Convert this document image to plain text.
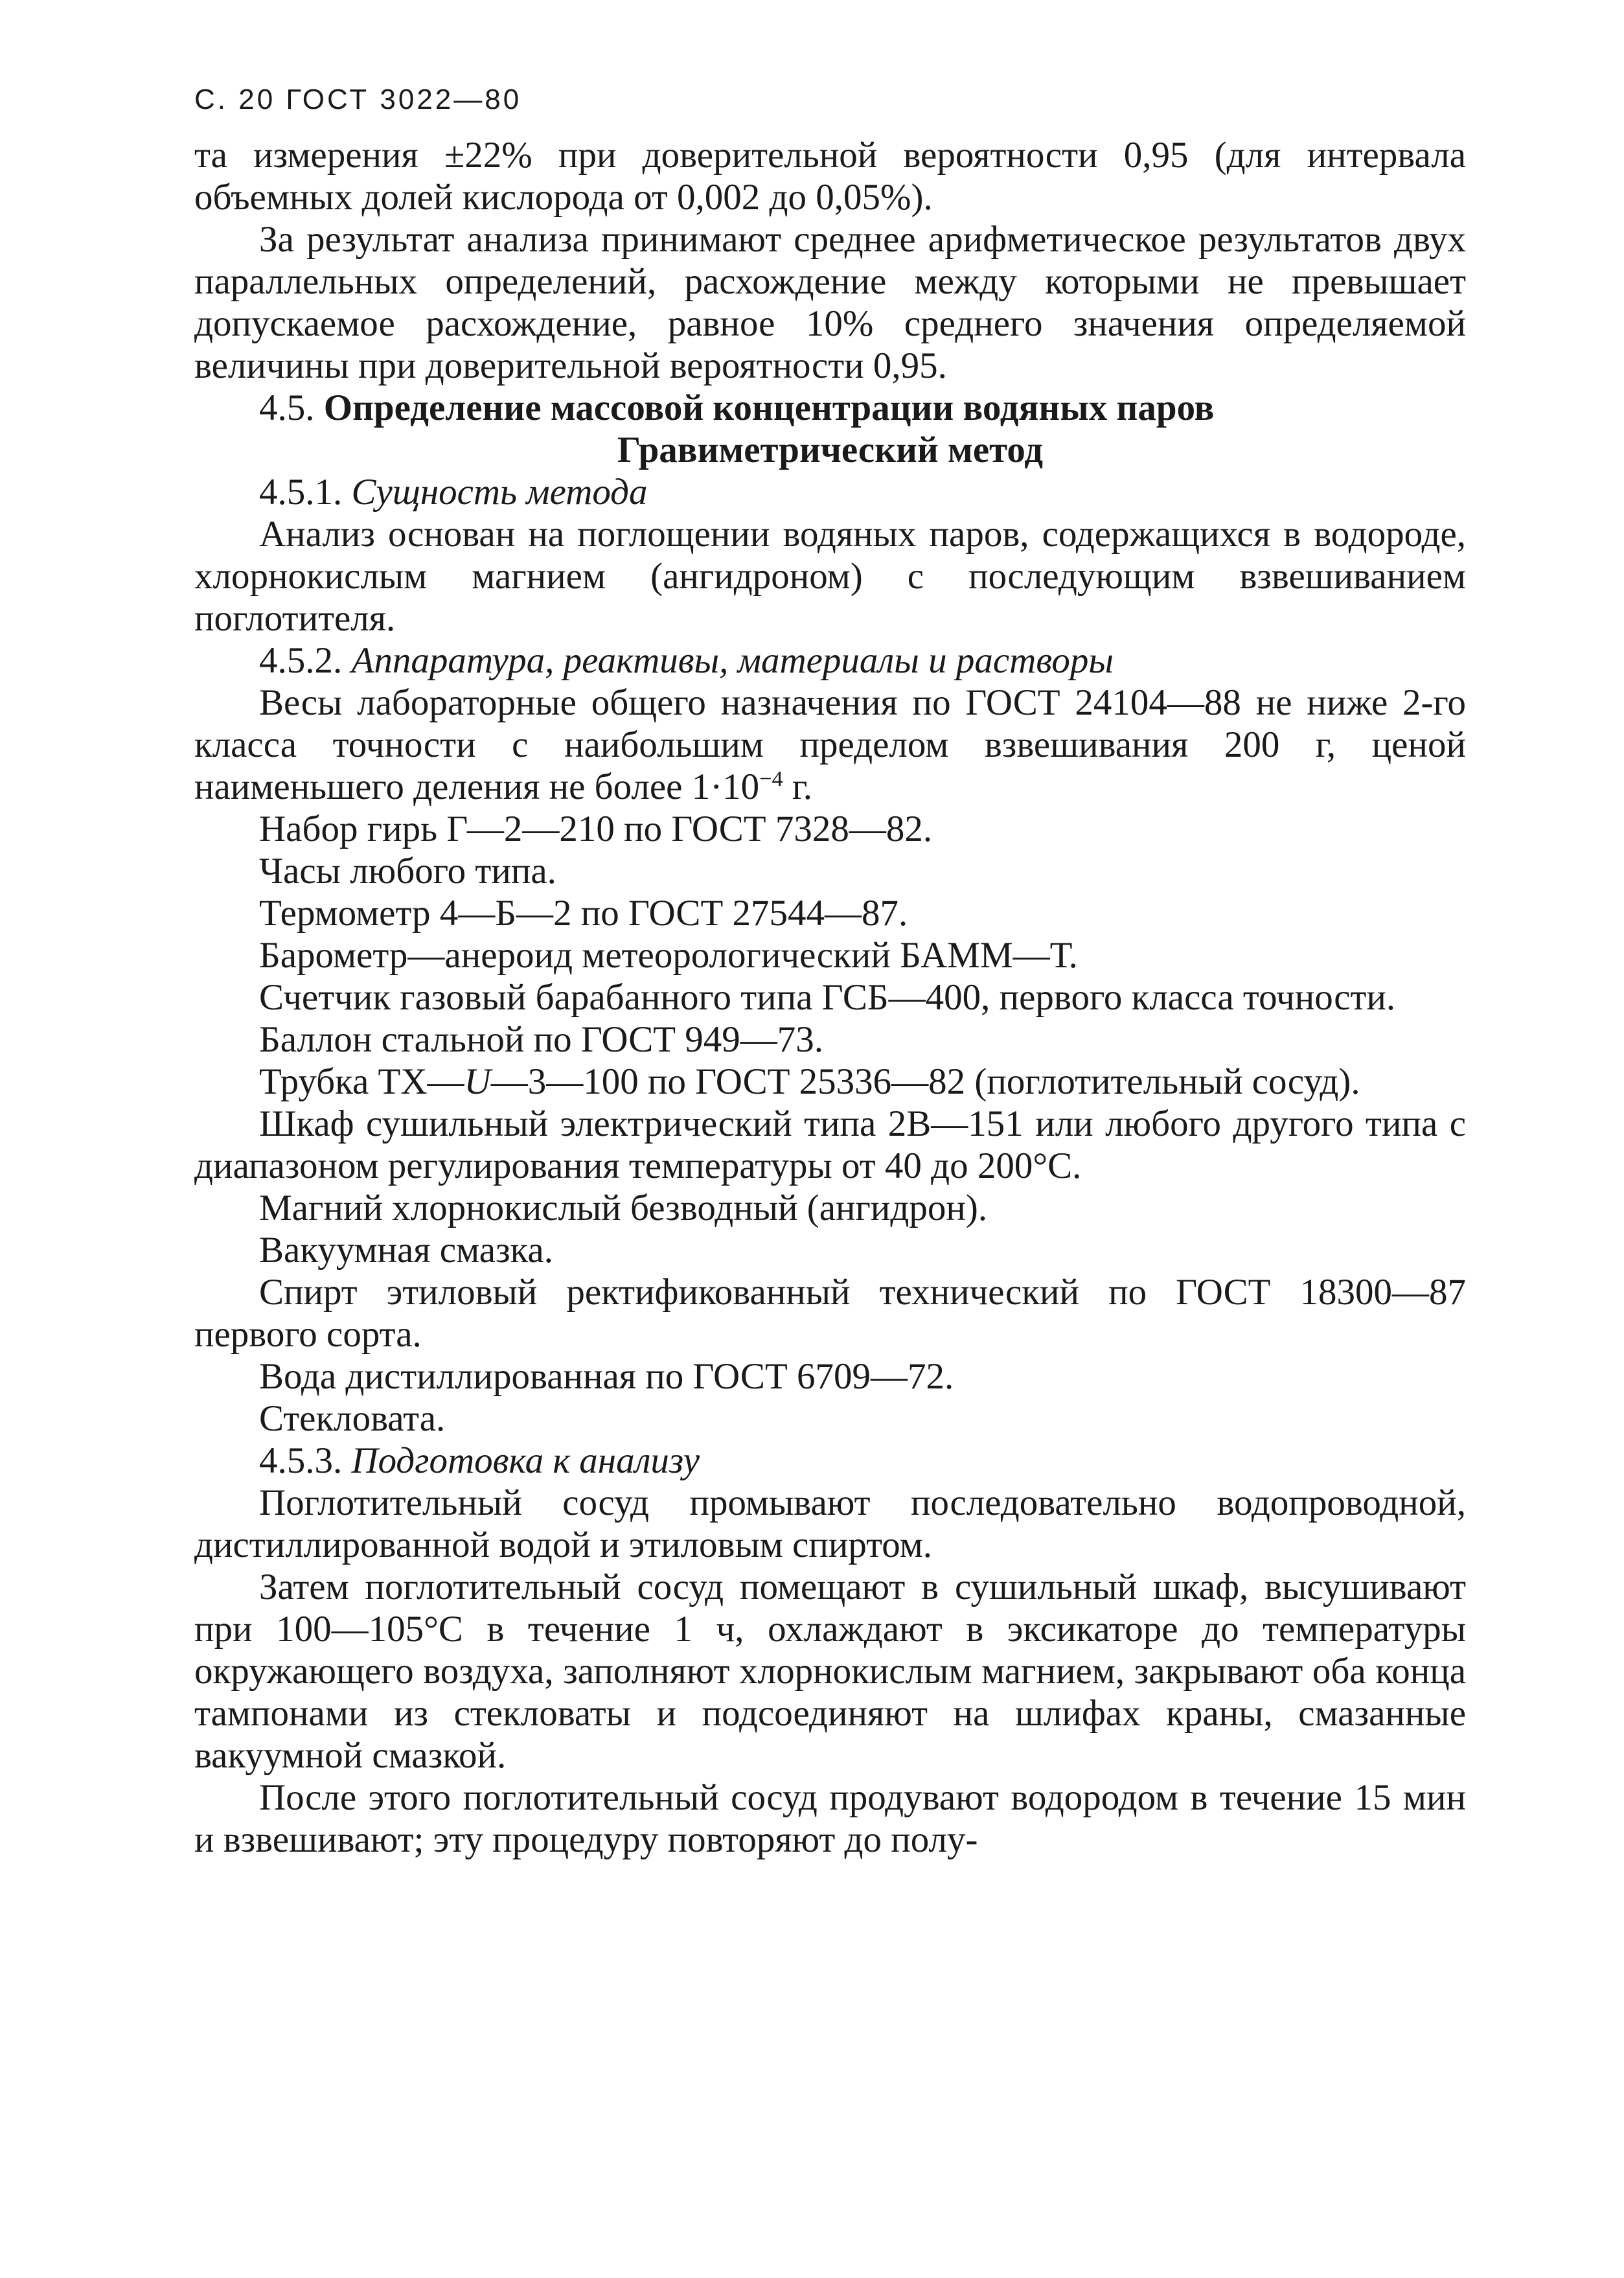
С. 20 ГОСТ 3022—80

та измерения ±22% при доверительной вероятности 0,95 (для интервала объемных долей кислорода от 0,002 до 0,05%).

За результат анализа принимают среднее арифметическое результатов двух параллельных определений, расхождение между которыми не превышает допускаемое расхождение, равное 10% среднего значения определяемой величины при доверительной вероятности 0,95.

4.5. Определение массовой концентрации водяных паров

Гравиметрический метод

4.5.1. Сущность метода

Анализ основан на поглощении водяных паров, содержащихся в водороде, хлорнокислым магнием (ангидроном) с последующим взвешиванием поглотителя.

4.5.2. Аппаратура, реактивы, материалы и растворы

Весы лабораторные общего назначения по ГОСТ 24104—88 не ниже 2-го класса точности с наибольшим пределом взвешивания 200 г, ценой наименьшего деления не более $1\cdot 10^{-4}$ г.

Набор гирь Г—2—210 по ГОСТ 7328—82.

Часы любого типа.

Термометр 4—Б—2 по ГОСТ 27544—87.

Барометр—анероид метеорологический БАММ—Т.

Счетчик газовый барабанного типа ГСБ—400, первого класса точности.

Баллон стальной по ГОСТ 949—73.

Трубка ТХ—U—3—100 по ГОСТ 25336—82 (поглотительный сосуд).

Шкаф сушильный электрический типа 2В—151 или любого другого типа с диапазоном регулирования температуры от 40 до 200°С.

Магний хлорнокислый безводный (ангидрон).

Вакуумная смазка.

Спирт этиловый ректификованный технический по ГОСТ 18300—87 первого сорта.

Вода дистиллированная по ГОСТ 6709—72.

Стекловата.

4.5.3. Подготовка к анализу

Поглотительный сосуд промывают последовательно водопроводной, дистиллированной водой и этиловым спиртом.

Затем поглотительный сосуд помещают в сушильный шкаф, высушивают при 100—105°С в течение 1 ч, охлаждают в эксикаторе до температуры окружающего воздуха, заполняют хлорнокислым магнием, закрывают оба конца тампонами из стекловаты и подсоединяют на шлифах краны, смазанные вакуумной смазкой.

После этого поглотительный сосуд продувают водородом в течение 15 мин и взвешивают; эту процедуру повторяют до полу-
